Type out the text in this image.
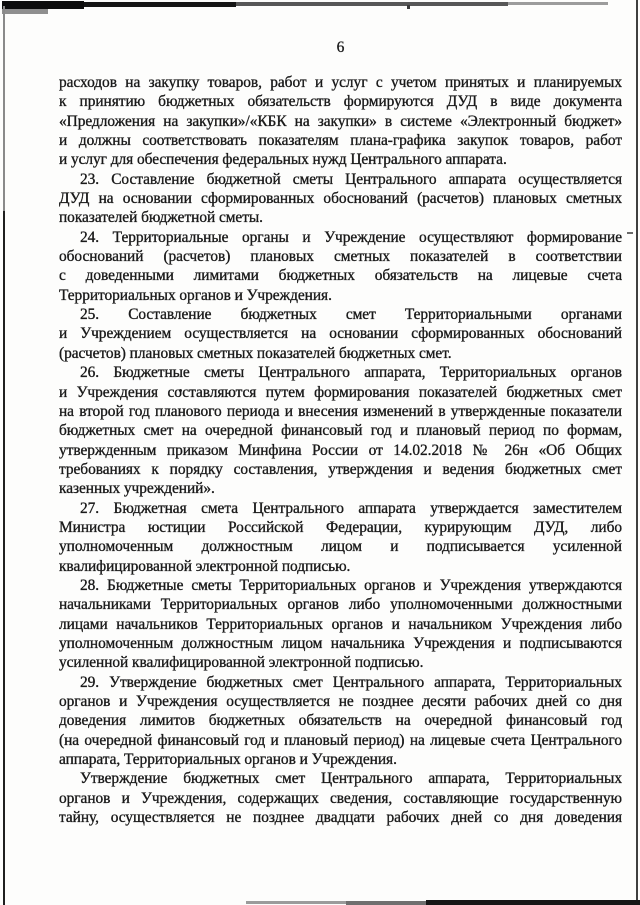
6
расходов на закупку товаров, работ и услуг с учетом принятых и планируемых
к принятию бюджетных обязательств формируются ДУД в виде документа
«Предложения на закупки»/«КБК на закупки» в системе «Электронный бюджет»
и должны соответствовать показателям плана-графика закупок товаров, работ
и услуг для обеспечения федеральных нужд Центрального аппарата.
23. Составление бюджетной сметы Центрального аппарата осуществляется
ДУД на основании сформированных обоснований (расчетов) плановых сметных
показателей бюджетной сметы.
24. Территориальные органы и Учреждение осуществляют формирование
обоснований (расчетов) плановых сметных показателей в соответствии
с доведенными лимитами бюджетных обязательств на лицевые счета
Территориальных органов и Учреждения.
25. Составление бюджетных смет Территориальными органами
и Учреждением осуществляется на основании сформированных обоснований
(расчетов) плановых сметных показателей бюджетных смет.
26. Бюджетные сметы Центрального аппарата, Территориальных органов
и Учреждения составляются путем формирования показателей бюджетных смет
на второй год планового периода и внесения изменений в утвержденные показатели
бюджетных смет на очередной финансовый год и плановый период по формам,
утвержденным приказом Минфина России от 14.02.2018 № 26н «Об Общих
требованиях к порядку составления, утверждения и ведения бюджетных смет
казенных учреждений».
27. Бюджетная смета Центрального аппарата утверждается заместителем
Министра юстиции Российской Федерации, курирующим ДУД, либо
уполномоченным должностным лицом и подписывается усиленной
квалифицированной электронной подписью.
28. Бюджетные сметы Территориальных органов и Учреждения утверждаются
начальниками Территориальных органов либо уполномоченными должностными
лицами начальников Территориальных органов и начальником Учреждения либо
уполномоченным должностным лицом начальника Учреждения и подписываются
усиленной квалифицированной электронной подписью.
29. Утверждение бюджетных смет Центрального аппарата, Территориальных
органов и Учреждения осуществляется не позднее десяти рабочих дней со дня
доведения лимитов бюджетных обязательств на очередной финансовый год
(на очередной финансовый год и плановый период) на лицевые счета Центрального
аппарата, Территориальных органов и Учреждения.
Утверждение бюджетных смет Центрального аппарата, Территориальных
органов и Учреждения, содержащих сведения, составляющие государственную
тайну, осуществляется не позднее двадцати рабочих дней со дня доведения
